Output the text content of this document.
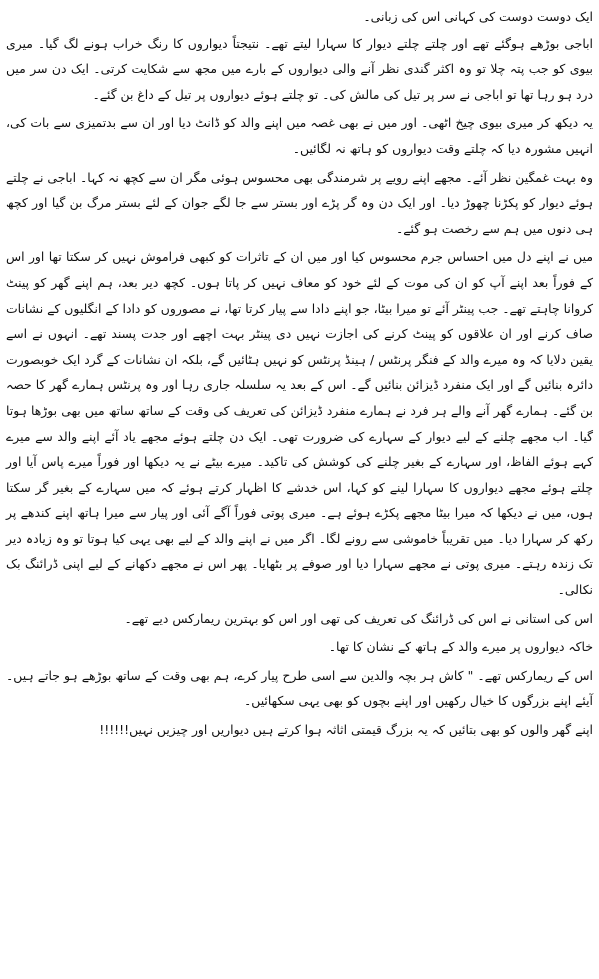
ایک دوست دوست کی کہانی اس کی زبانی۔

اباجی بوڑھے ہوگئے تھے اور چلتے چلتے دیوار کا سہارا لیتے تھے۔ نتیجتاً دیواروں کا رنگ خراب ہونے لگ گیا۔ میری بیوی کو جب پتہ چلا تو وہ اکثر گندی نظر آنے والی دیواروں کے بارے میں مجھ سے شکایت کرتی۔ ایک دن سر میں درد ہو رہا تھا تو اباجی نے سر پر تیل کی مالش کی۔ تو چلتے ہوئے دیواروں پر تیل کے داغ بن گئے۔

یہ دیکھ کر میری بیوی چیخ اٹھی۔ اور میں نے بھی غصہ میں اپنے والد کو ڈانٹ دیا اور ان سے بدتمیزی سے بات کی، انہیں مشورہ دیا کہ چلتے وقت دیواروں کو ہاتھ نہ لگائیں۔

وہ بہت غمگین نظر آئے۔ مجھے اپنے رویے پر شرمندگی بھی محسوس ہوئی مگر ان سے کچھ نہ کہا۔ اباجی نے چلتے ہوئے دیوار کو پکڑنا چھوڑ دیا۔ اور ایک دن وہ گر پڑے اور بستر سے جا لگے جوان کے لئے بستر مرگ بن گیا اور کچھ ہی دنوں میں ہم سے رخصت ہو گئے۔

میں نے اپنے دل میں احساس جرم محسوس کیا اور میں ان کے تاثرات کو کبھی فراموش نہیں کر سکتا تھا اور اس کے فوراً بعد اپنے آپ کو ان کی موت کے لئے خود کو معاف نہیں کر پاتا ہوں۔ کچھ دیر بعد، ہم اپنے گھر کو پینٹ کروانا چاہتے تھے۔ جب پینٹر آئے تو میرا بیٹا، جو اپنے دادا سے پیار کرتا تھا، نے مصوروں کو دادا کے انگلیوں کے نشانات صاف کرنے اور ان علاقوں کو پینٹ کرنے کی اجازت نہیں دی پینٹر بہت اچھے اور جدت پسند تھے۔ انہوں نے اسے یقین دلایا کہ وہ میرے والد کے فنگر پرنٹس / ہینڈ پرنٹس کو نہیں ہٹائیں گے، بلکہ ان نشانات کے گرد ایک خوبصورت دائرہ بنائیں گے اور ایک منفرد ڈیزائن بنائیں گے۔ اس کے بعد یہ سلسلہ جاری رہا اور وہ پرنٹس ہمارے گھر کا حصہ بن گئے۔ ہمارے گھر آنے والے ہر فرد نے ہمارے منفرد ڈیزائن کی تعریف کی وقت کے ساتھ ساتھ میں بھی بوڑھا ہوتا گیا۔ اب مجھے چلنے کے لیے دیوار کے سہارے کی ضرورت تھی۔ ایک دن چلتے ہوئے مجھے یاد آئے اپنے والد سے میرے کہے ہوئے الفاظ، اور سہارے کے بغیر چلنے کی کوشش کی تاکید۔ میرے بیٹے نے یہ دیکھا اور فوراً میرے پاس آیا اور چلتے ہوئے مجھے دیواروں کا سہارا لینے کو کہا، اس خدشے کا اظہار کرتے ہوئے کہ میں سہارے کے بغیر گر سکتا ہوں، میں نے دیکھا کہ میرا بیٹا مجھے پکڑے ہوئے ہے۔ میری پوتی فوراً آگے آئی اور پیار سے میرا ہاتھ اپنے کندھے پر رکھ کر سہارا دیا۔ میں تقریباً خاموشی سے رونے لگا۔ اگر میں نے اپنے والد کے لیے بھی یہی کیا ہوتا تو وہ زیادہ دیر تک زندہ رہتے۔ میری پوتی نے مجھے سہارا دیا اور صوفے پر بٹھایا۔ پھر اس نے مجھے دکھانے کے لیے اپنی ڈرائنگ بک نکالی۔

اس کی استانی نے اس کی ڈرائنگ کی تعریف کی تھی اور اس کو بہترین ریمارکس دیے تھے۔

خاکہ دیواروں پر میرے والد کے ہاتھ کے نشان کا تھا۔

اس کے ریمارکس تھے۔ " کاش ہر بچہ والدین سے اسی طرح پیار کرے، ہم بھی وقت کے ساتھ بوڑھے ہو جاتے ہیں۔ آیئے اپنے بزرگوں کا خیال رکھیں اور اپنے بچوں کو بھی یہی سکھائیں۔

اپنے گھر والوں کو بھی بتائیں کہ یہ بزرگ قیمتی اثاثہ ہوا کرتے ہیں دیواریں اور چیزیں نہیں!!!!!!
